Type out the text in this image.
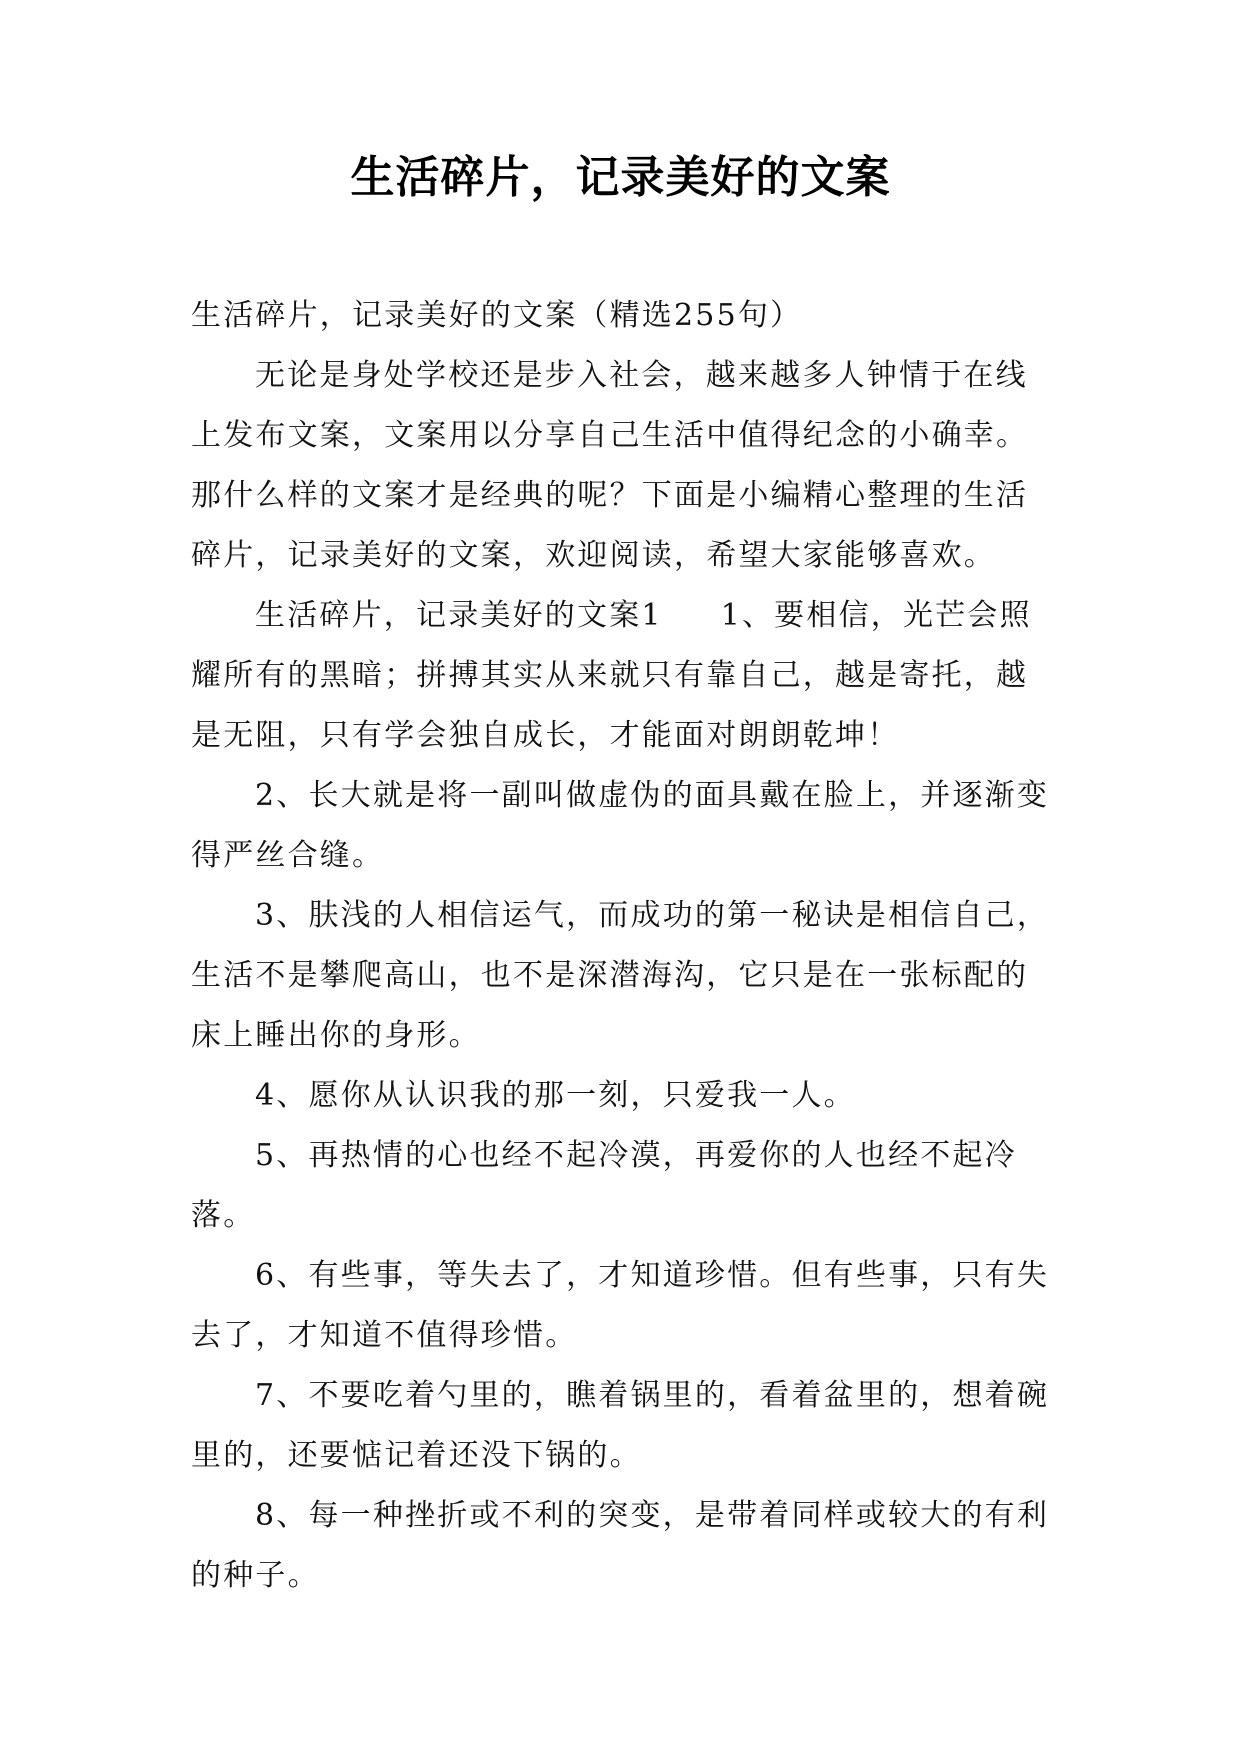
生活碎片，记录美好的文案

生活碎片，记录美好的文案（精选255句）

无论是身处学校还是步入社会，越来越多人钟情于在线上发布文案，文案用以分享自己生活中值得纪念的小确幸。那什么样的文案才是经典的呢？下面是小编精心整理的生活碎片，记录美好的文案，欢迎阅读，希望大家能够喜欢。

生活碎片，记录美好的文案1 1、要相信，光芒会照耀所有的黑暗；拼搏其实从来就只有靠自己，越是寄托，越是无阻，只有学会独自成长，才能面对朗朗乾坤！

2、长大就是将一副叫做虚伪的面具戴在脸上，并逐渐变得严丝合缝。

3、肤浅的人相信运气，而成功的第一秘诀是相信自己，生活不是攀爬高山，也不是深潜海沟，它只是在一张标配的床上睡出你的身形。

4、愿你从认识我的那一刻，只爱我一人。

5、再热情的心也经不起冷漠，再爱你的人也经不起冷落。

6、有些事，等失去了，才知道珍惜。但有些事，只有失去了，才知道不值得珍惜。

7、不要吃着勺里的，瞧着锅里的，看着盆里的，想着碗里的，还要惦记着还没下锅的。

8、每一种挫折或不利的突变，是带着同样或较大的有利的种子。
